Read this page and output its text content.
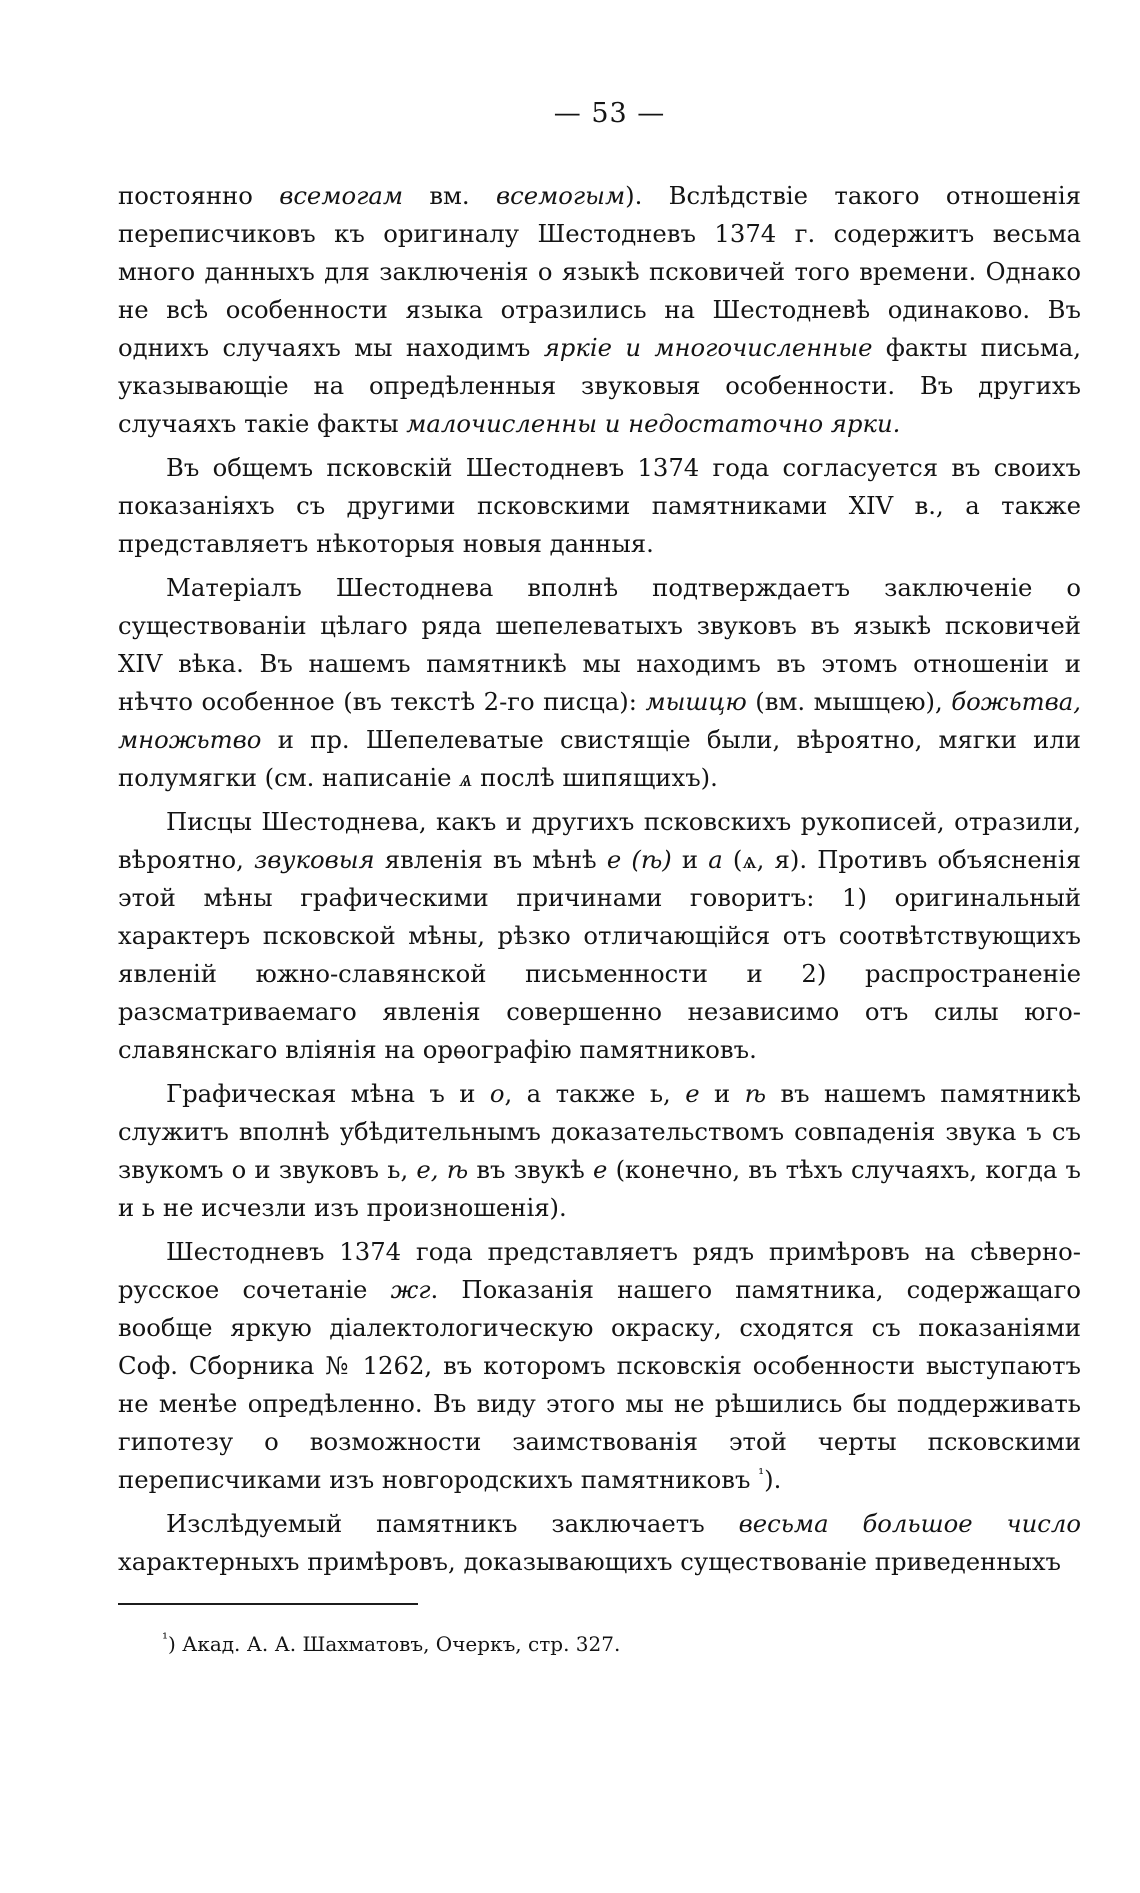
— 53 —

постоянно всемогам вм. всемогым). Вслѣдствіе такого отношенія переписчиковъ къ оригиналу Шестодневъ 1374 г. содержитъ весьма много данныхъ для заключенія о языкѣ псковичей того времени. Однако не всѣ особенности языка отразились на Шестодневѣ одинаково. Въ однихъ случаяхъ мы находимъ яркіе и многочисленные факты письма, указывающіе на опредѣленныя звуковыя особенности. Въ другихъ случаяхъ такіе факты малочисленны и недостаточно ярки.

Въ общемъ псковскій Шестодневъ 1374 года согласуется въ своихъ показаніяхъ съ другими псковскими памятниками XIV в., а также представляетъ нѣкоторыя новыя данныя.

Матеріалъ Шестоднева вполнѣ подтверждаетъ заключеніе о существованіи цѣлаго ряда шепелеватыхъ звуковъ въ языкѣ псковичей XIV вѣка. Въ нашемъ памятникѣ мы находимъ въ этомъ отношеніи и нѣчто особенное (въ текстѣ 2-го писца): мышцю (вм. мышцею), божьтва, множьтво и пр. Шепелеватые свистящіе были, вѣроятно, мягки или полумягки (см. написаніе ѧ послѣ шипящихъ).

Писцы Шестоднева, какъ и другихъ псковскихъ рукописей, отразили, вѣроятно, звуковыя явленія въ мѣнѣ е (ѣ) и а (ѧ, я). Противъ объясненія этой мѣны графическими причинами говоритъ: 1) оригинальный характеръ псковской мѣны, рѣзко отличающійся отъ соотвѣтствующихъ явленій южно-славянской письменности и 2) распространеніе разсматриваемаго явленія совершенно независимо отъ силы юго-славянскаго вліянія на орѳографію памятниковъ.

Графическая мѣна ъ и о, а также ь, е и ѣ въ нашемъ памятникѣ служитъ вполнѣ убѣдительнымъ доказательствомъ совпаденія звука ъ съ звукомъ о и звуковъ ь, е, ѣ въ звукѣ е (конечно, въ тѣхъ случаяхъ, когда ъ и ь не исчезли изъ произношенія).

Шестодневъ 1374 года представляетъ рядъ примѣровъ на сѣверно-русское сочетаніе жг. Показанія нашего памятника, содержащаго вообще яркую діалектологическую окраску, сходятся съ показаніями Соф. Сборника № 1262, въ которомъ псковскія особенности выступаютъ не менѣе опредѣленно. Въ виду этого мы не рѣшились бы поддерживать гипотезу о возможности заимствованія этой черты псковскими переписчиками изъ новгородскихъ памятниковъ $^{^1}$).

Изслѣдуемый памятникъ заключаетъ весьма большое число характерныхъ примѣровъ, доказывающихъ существованіе приведенныхъ

$^{^1}$) Акад. А. А. Шахматовъ, Очеркъ, стр. 327.
